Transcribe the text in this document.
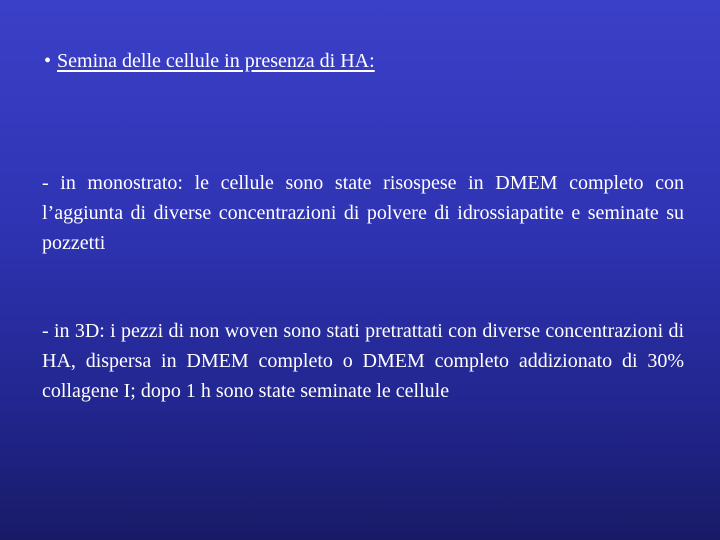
• Semina delle cellule in presenza di HA:
- in monostrato: le cellule sono state risospese in DMEM completo con l’aggiunta di diverse concentrazioni di polvere di idrossiapatite e seminate su pozzetti
- in 3D: i pezzi di non woven sono stati pretrattati con diverse concentrazioni di HA, dispersa in DMEM completo o DMEM completo addizionato di 30% collagene I; dopo 1 h sono state seminate le cellule
